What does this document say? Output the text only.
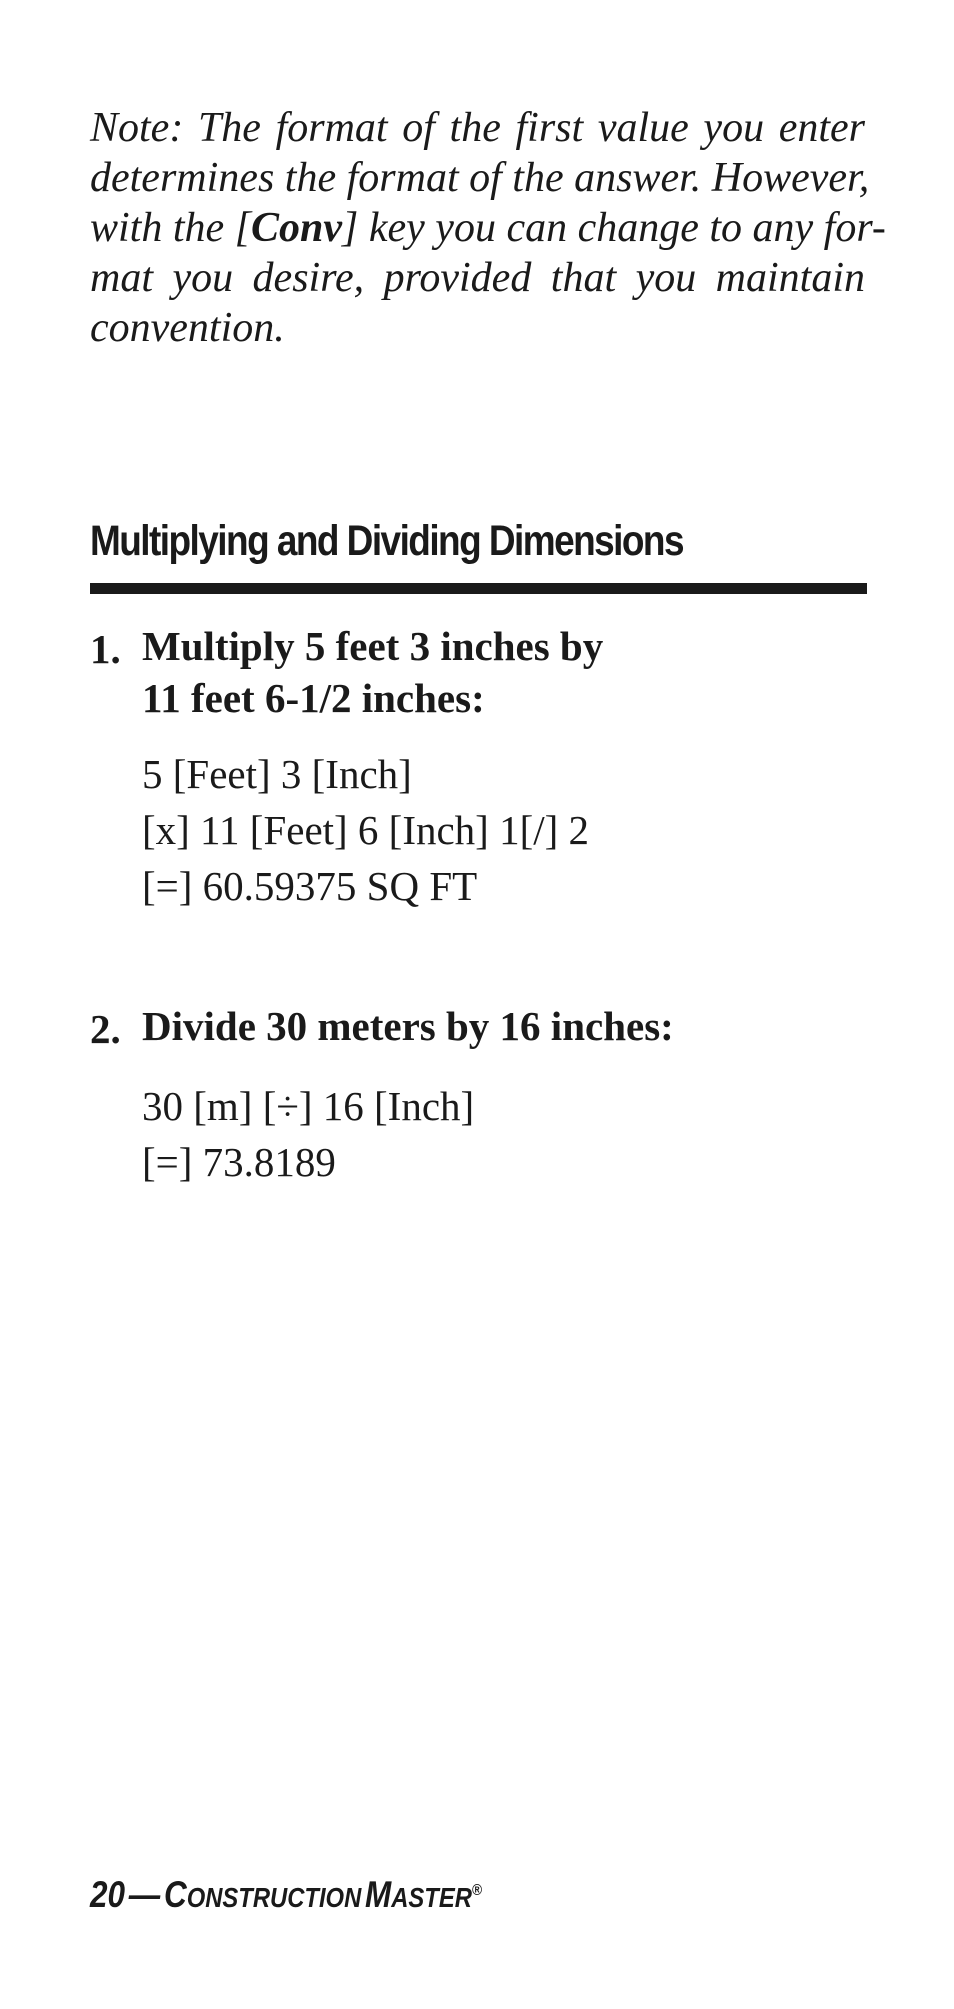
Note: The format of the first value you enter
determines the format of the answer. However,
with the [Conv] key you can change to any for-
mat you desire, provided that you maintain
convention.
Multiplying and Dividing Dimensions
1. Multiply 5 feet 3 inches by
11 feet 6-1/2 inches:
5 [Feet] 3 [Inch]
[x] 11 [Feet] 6 [Inch] 1[/] 2
[=] 60.59375 SQ FT
2. Divide 30 meters by 16 inches:
30 [m] [÷] 16 [Inch]
[=] 73.8189
20 — CONSTRUCTION MASTER®
